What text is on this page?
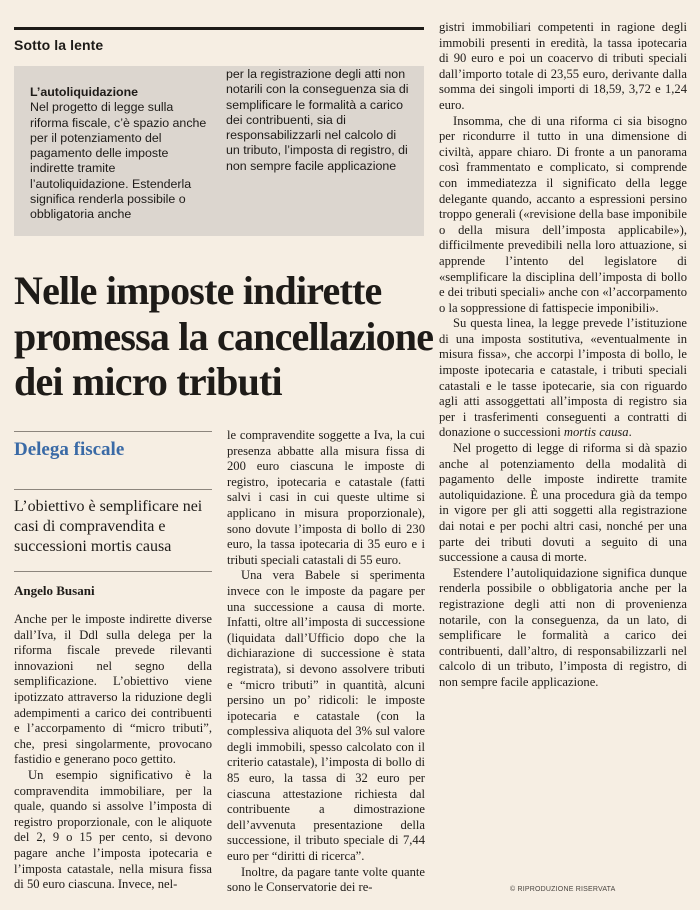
Sotto la lente
L’autoliquidazione
Nel progetto di legge sulla riforma fiscale, c’è spazio anche per il potenziamento del pagamento delle imposte indirette tramite l’autoliquidazione. Estenderla significa renderla possibile o obbligatoria anche
per la registrazione degli atti non notarili con la conseguenza sia di semplificare le formalità a carico dei contribuenti, sia di responsabilizzarli nel calcolo di un tributo, l’imposta di registro, di non sempre facile applicazione
Nelle imposte indirette promessa la cancellazione dei micro tributi
Delega fiscale
L’obiettivo è semplificare nei casi di compravendita e successioni mortis causa
Angelo Busani

Anche per le imposte indirette diverse dall’Iva, il Ddl sulla delega per la riforma fiscale prevede rilevanti innovazioni nel segno della semplificazione. L’obiettivo viene ipotizzato attraverso la riduzione degli adempimenti a carico dei contribuenti e l’accorpamento di “micro tributi”, che, presi singolarmente, provocano fastidio e generano poco gettito.

Un esempio significativo è la compravendita immobiliare, per la quale, quando si assolve l’imposta di registro proporzionale, con le aliquote del 2, 9 o 15 per cento, si devono pagare anche l’imposta ipotecaria e l’imposta catastale, nella misura fissa di 50 euro ciascuna. Invece, nel-

le compravendite soggette a Iva, la cui presenza abbatte alla misura fissa di 200 euro ciascuna le imposte di registro, ipotecaria e catastale (fatti salvi i casi in cui queste ultime si applicano in misura proporzionale), sono dovute l’imposta di bollo di 230 euro, la tassa ipotecaria di 35 euro e i tributi speciali catastali di 55 euro.

Una vera Babele si sperimenta invece con le imposte da pagare per una successione a causa di morte. Infatti, oltre all’imposta di successione (liquidata dall’Ufficio dopo che la dichiarazione di successione è stata registrata), si devono assolvere tributi e “micro tributi” in quantità, alcuni persino un po’ ridicoli: le imposte ipotecaria e catastale (con la complessiva aliquota del 3% sul valore degli immobili, spesso calcolato con il criterio catastale), l’imposta di bollo di 85 euro, la tassa di 32 euro per ciascuna attestazione richiesta dal contribuente a dimostrazione dell’avvenuta presentazione della successione, il tributo speciale di 7,44 euro per “diritti di ricerca”.

Inoltre, da pagare tante volte quante sono le Conservatorie dei re-

gistri immobiliari competenti in ragione degli immobili presenti in eredità, la tassa ipotecaria di 90 euro e poi un coacervo di tributi speciali dall’importo totale di 23,55 euro, derivante dalla somma dei singoli importi di 18,59, 3,72 e 1,24 euro.

Insomma, che di una riforma ci sia bisogno per ricondurre il tutto in una dimensione di civiltà, appare chiaro. Di fronte a un panorama così frammentato e complicato, si comprende con immediatezza il significato della legge delegante quando, accanto a espressioni persino troppo generali («revisione della base imponibile o della misura dell’imposta applicabile»), difficilmente prevedibili nella loro attuazione, si apprende l’intento del legislatore di «semplificare la disciplina dell’imposta di bollo e dei tributi speciali» anche con «l’accorpamento o la soppressione di fattispecie imponibili».

Su questa linea, la legge prevede l’istituzione di una imposta sostitutiva, «eventualmente in misura fissa», che accorpi l’imposta di bollo, le imposte ipotecaria e catastale, i tributi speciali catastali e le tasse ipotecarie, sia con riguardo agli atti assoggettati all’imposta di registro sia per i trasferimenti conseguenti a contratti di donazione o successioni mortis causa.

Nel progetto di legge di riforma si dà spazio anche al potenziamento della modalità di pagamento delle imposte indirette tramite autoliquidazione. È una procedura già da tempo in vigore per gli atti soggetti alla registrazione dai notai e per pochi altri casi, nonché per una parte dei tributi dovuti a seguito di una successione a causa di morte.

Estendere l’autoliquidazione significa dunque renderla possibile o obbligatoria anche per la registrazione degli atti non di provenienza notarile, con la conseguenza, da un lato, di semplificare le formalità a carico dei contribuenti, dall’altro, di responsabilizzarli nel calcolo di un tributo, l’imposta di registro, di non sempre facile applicazione.

© RIPRODUZIONE RISERVATA
